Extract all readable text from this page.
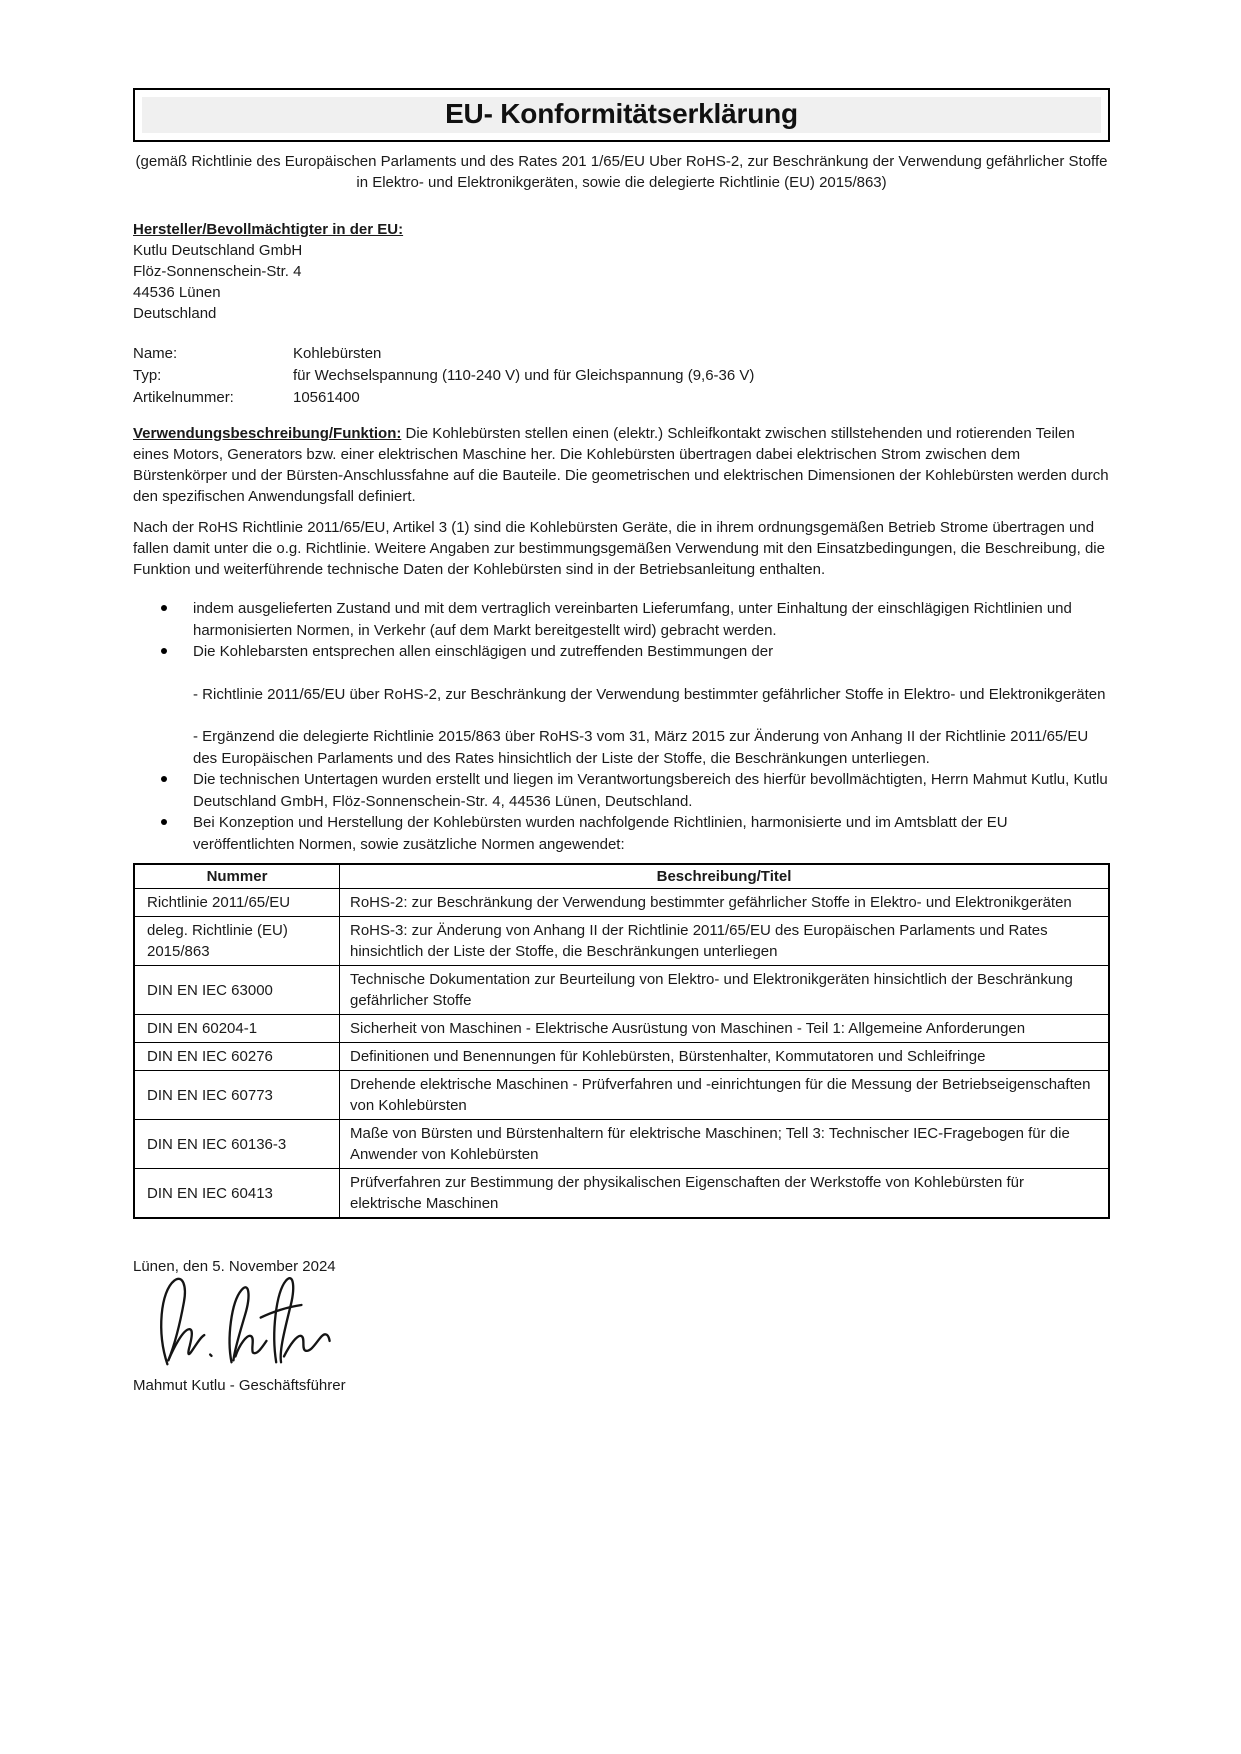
EU- Konformitätserklärung
(gemäß Richtlinie des Europäischen Parlaments und des Rates 201 1/65/EU Uber RoHS-2, zur Beschränkung der Verwendung gefährlicher Stoffe in Elektro- und Elektronikgeräten, sowie die delegierte Richtlinie (EU) 2015/863)
Hersteller/Bevollmächtigter in der EU:
Kutlu Deutschland GmbH
Flöz-Sonnenschein-Str. 4
44536 Lünen
Deutschland
Name:	Kohlebürsten
Typ:	für Wechselspannung (110-240 V) und für Gleichspannung (9,6-36 V)
Artikelnummer:	10561400
Verwendungsbeschreibung/Funktion: Die Kohlebürsten stellen einen (elektr.) Schleifkontakt zwischen stillstehenden und rotierenden Teilen eines Motors, Generators bzw. einer elektrischen Maschine her. Die Kohlebürsten übertragen dabei elektrischen Strom zwischen dem Bürstenkörper und der Bürsten-Anschlussfahne auf die Bauteile. Die geometrischen und elektrischen Dimensionen der Kohlebürsten werden durch den spezifischen Anwendungsfall definiert.
Nach der RoHS Richtlinie 2011/65/EU, Artikel 3 (1) sind die Kohlebürsten Geräte, die in ihrem ordnungsgemäßen Betrieb Strome übertragen und fallen damit unter die o.g. Richtlinie. Weitere Angaben zur bestimmungsgemäßen Verwendung mit den Einsatzbedingungen, die Beschreibung, die Funktion und weiterführende technische Daten der Kohlebürsten sind in der Betriebsanleitung enthalten.
indem ausgelieferten Zustand und mit dem vertraglich vereinbarten Lieferumfang, unter Einhaltung der einschlägigen Richtlinien und harmonisierten Normen, in Verkehr (auf dem Markt bereitgestellt wird) gebracht werden.
Die Kohlebarsten entsprechen allen einschlägigen und zutreffenden Bestimmungen der
- Richtlinie 2011/65/EU über RoHS-2, zur Beschränkung der Verwendung bestimmter gefährlicher Stoffe in Elektro- und Elektronikgeräten
- Ergänzend die delegierte Richtlinie 2015/863 über RoHS-3 vom 31, März 2015 zur Änderung von Anhang II der Richtlinie 2011/65/EU des Europäischen Parlaments und des Rates hinsichtlich der Liste der Stoffe, die Beschränkungen unterliegen.
Die technischen Untertagen wurden erstellt und liegen im Verantwortungsbereich des hierfür bevollmächtigten, Herrn Mahmut Kutlu, Kutlu Deutschland GmbH, Flöz-Sonnenschein-Str. 4, 44536 Lünen, Deutschland.
Bei Konzeption und Herstellung der Kohlebürsten wurden nachfolgende Richtlinien, harmonisierte und im Amtsblatt der EU veröffentlichten Normen, sowie zusätzliche Normen angewendet:
Nummer	Beschreibung/Titel
Richtlinie 2011/65/EU	RoHS-2: zur Beschränkung der Verwendung bestimmter gefährlicher Stoffe in Elektro- und Elektronikgeräten
deleg. Richtlinie (EU) 2015/863	RoHS-3: zur Änderung von Anhang II der Richtlinie 2011/65/EU des Europäischen Parlaments und Rates hinsichtlich der Liste der Stoffe, die Beschränkungen unterliegen
DIN EN IEC 63000	Technische Dokumentation zur Beurteilung von Elektro- und Elektronikgeräten hinsichtlich der Beschränkung gefährlicher Stoffe
DIN EN 60204-1	Sicherheit von Maschinen - Elektrische Ausrüstung von Maschinen - Teil 1: Allgemeine Anforderungen
DIN EN IEC 60276	Definitionen und Benennungen für Kohlebürsten, Bürstenhalter, Kommutatoren und Schleifringe
DIN EN IEC 60773	Drehende elektrische Maschinen - Prüfverfahren und -einrichtungen für die Messung der Betriebseigenschaften von Kohlebürsten
DIN EN IEC 60136-3	Maße von Bürsten und Bürstenhaltern für elektrische Maschinen; Tell 3: Technischer IEC-Fragebogen für die Anwender von Kohlebürsten
DIN EN IEC 60413	Prüfverfahren zur Bestimmung der physikalischen Eigenschaften der Werkstoffe von Kohlebürsten für elektrische Maschinen
Lünen, den 5. November 2024
Mahmut Kutlu - Geschäftsführer
